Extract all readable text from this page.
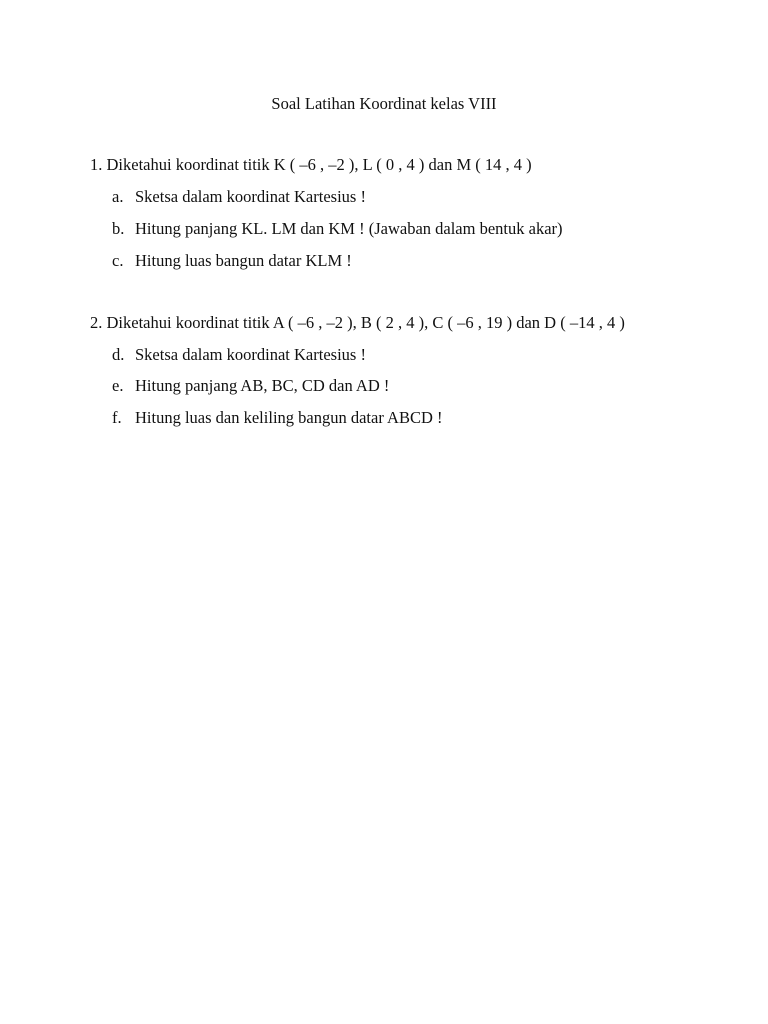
Soal Latihan Koordinat kelas VIII
1. Diketahui koordinat titik K ( –6 , –2 ), L ( 0 , 4 ) dan M ( 14 , 4 )
a. Sketsa dalam koordinat Kartesius !
b. Hitung panjang KL. LM dan KM ! (Jawaban dalam bentuk akar)
c. Hitung luas bangun datar KLM !
2. Diketahui koordinat titik A ( –6 , –2 ), B ( 2 , 4 ), C ( –6 , 19 ) dan D ( –14 , 4 )
d. Sketsa dalam koordinat Kartesius !
e. Hitung panjang AB, BC, CD dan AD !
f. Hitung luas dan keliling bangun datar ABCD !
